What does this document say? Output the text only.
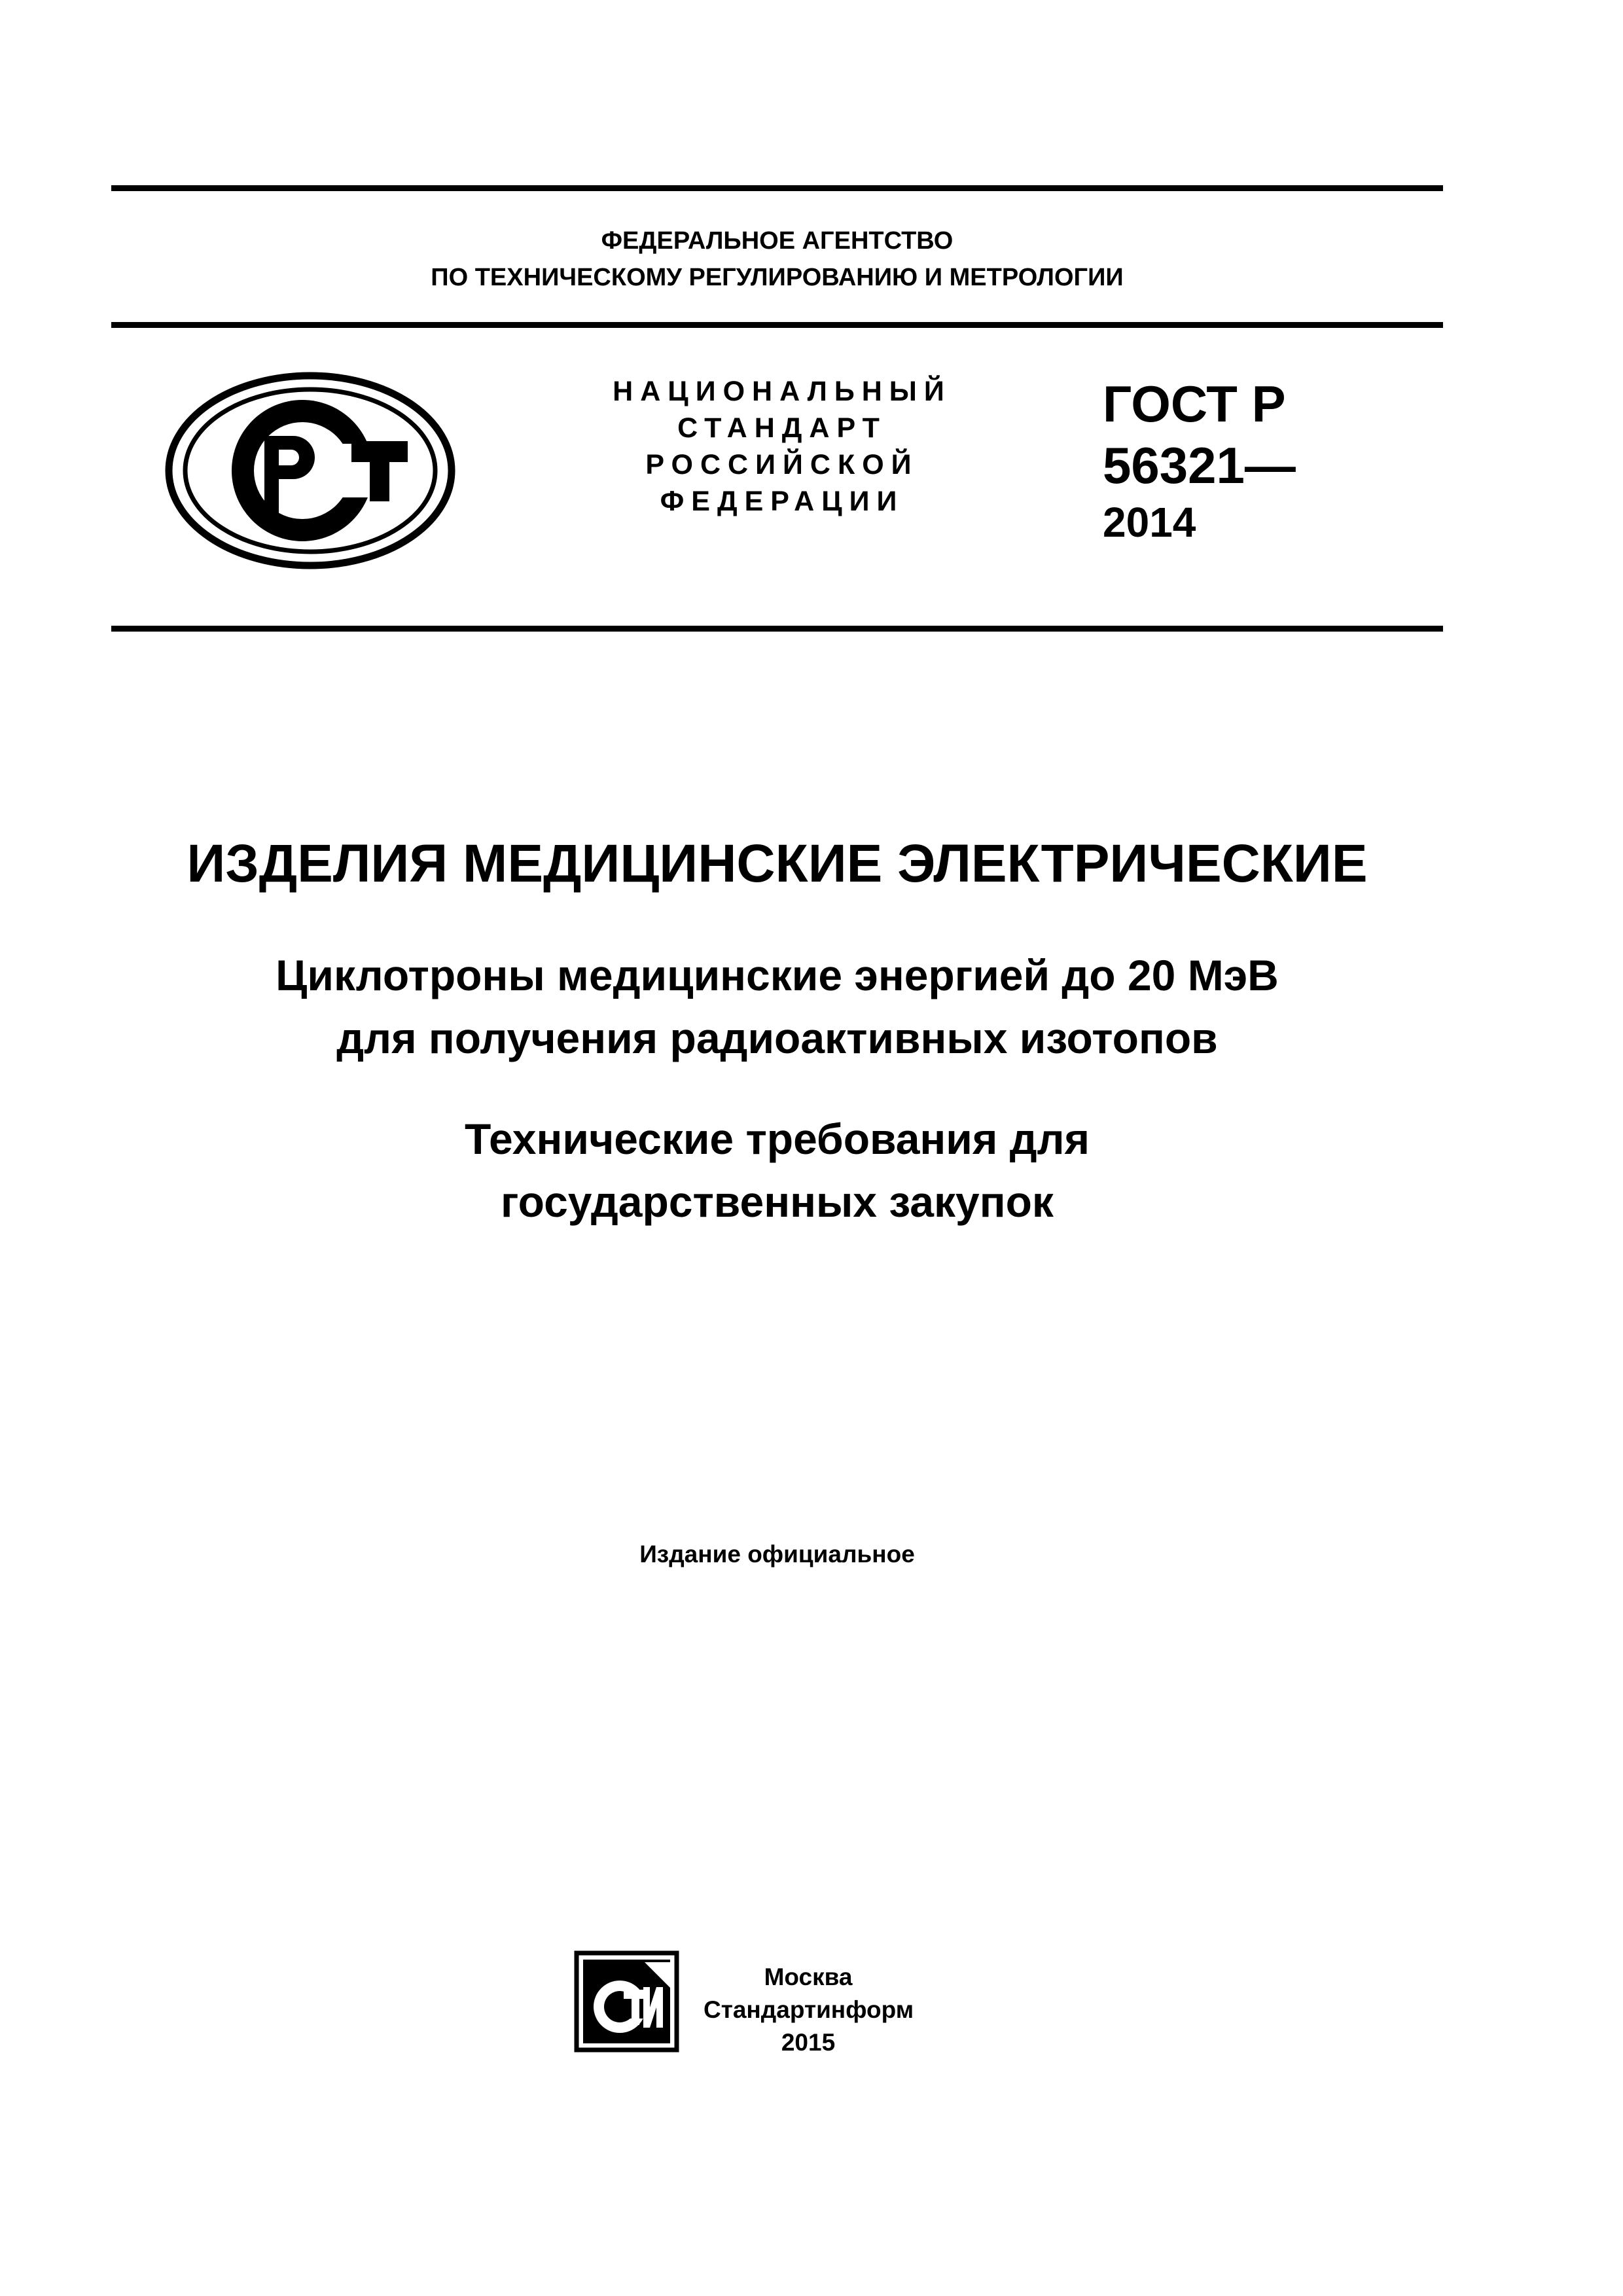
ФЕДЕРАЛЬНОЕ АГЕНТСТВО
ПО ТЕХНИЧЕСКОМУ РЕГУЛИРОВАНИЮ И МЕТРОЛОГИИ
НАЦИОНАЛЬНЫЙ
СТАНДАРТ
РОССИЙСКОЙ
ФЕДЕРАЦИИ
ГОСТ Р
56321—
2014
ИЗДЕЛИЯ МЕДИЦИНСКИЕ ЭЛЕКТРИЧЕСКИЕ
Циклотроны медицинские энергией до 20 МэВ
для получения радиоактивных изотопов
Технические требования для
государственных закупок
Издание официальное
Москва
Стандартинформ
2015
